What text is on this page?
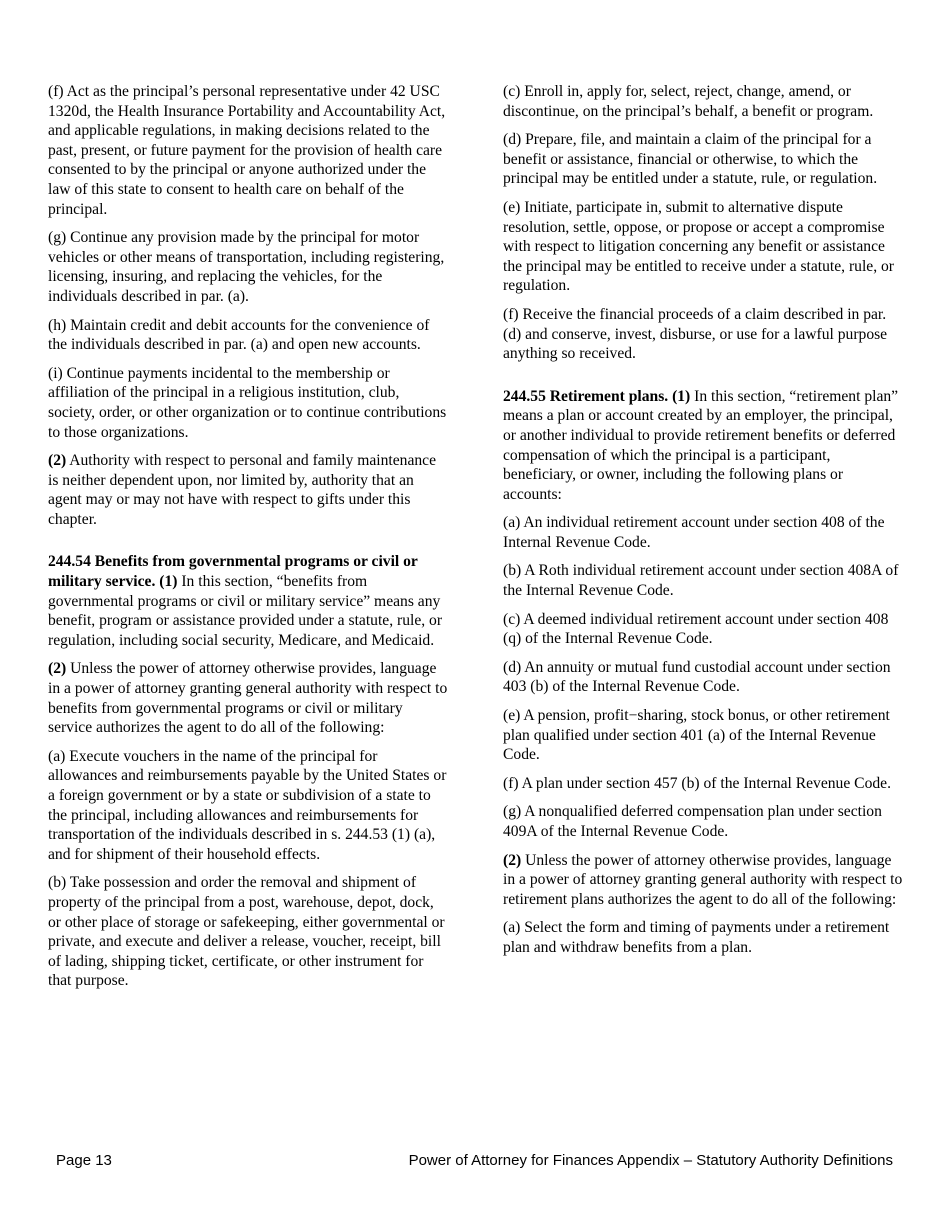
(f) Act as the principal’s personal representative under 42 USC 1320d, the Health Insurance Portability and Accountability Act, and applicable regulations, in making decisions related to the past, present, or future payment for the provision of health care consented to by the principal or anyone authorized under the law of this state to consent to health care on behalf of the principal.

(g) Continue any provision made by the principal for motor vehicles or other means of transportation, including registering, licensing, insuring, and replacing the vehicles, for the individuals described in par. (a).

(h) Maintain credit and debit accounts for the convenience of the individuals described in par. (a) and open new accounts.

(i) Continue payments incidental to the membership or affiliation of the principal in a religious institution, club, society, order, or other organization or to continue contributions to those organizations.

(2) Authority with respect to personal and family maintenance is neither dependent upon, nor limited by, authority that an agent may or may not have with respect to gifts under this chapter.

244.54 Benefits from governmental programs or civil or military service. (1) In this section, “benefits from governmental programs or civil or military service” means any benefit, program or assistance provided under a statute, rule, or regulation, including social security, Medicare, and Medicaid.

(2) Unless the power of attorney otherwise provides, language in a power of attorney granting general authority with respect to benefits from governmental programs or civil or military service authorizes the agent to do all of the following:

(a) Execute vouchers in the name of the principal for allowances and reimbursements payable by the United States or a foreign government or by a state or subdivision of a state to the principal, including allowances and reimbursements for transportation of the individuals described in s. 244.53 (1) (a), and for shipment of their household effects.

(b) Take possession and order the removal and shipment of property of the principal from a post, warehouse, depot, dock, or other place of storage or safekeeping, either governmental or private, and execute and deliver a release, voucher, receipt, bill of lading, shipping ticket, certificate, or other instrument for that purpose.

(c) Enroll in, apply for, select, reject, change, amend, or discontinue, on the principal’s behalf, a benefit or program.

(d) Prepare, file, and maintain a claim of the principal for a benefit or assistance, financial or otherwise, to which the principal may be entitled under a statute, rule, or regulation.

(e) Initiate, participate in, submit to alternative dispute resolution, settle, oppose, or propose or accept a compromise with respect to litigation concerning any benefit or assistance the principal may be entitled to receive under a statute, rule, or regulation.

(f) Receive the financial proceeds of a claim described in par. (d) and conserve, invest, disburse, or use for a lawful purpose anything so received.

244.55 Retirement plans. (1) In this section, “retirement plan” means a plan or account created by an employer, the principal, or another individual to provide retirement benefits or deferred compensation of which the principal is a participant, beneficiary, or owner, including the following plans or accounts:

(a) An individual retirement account under section 408 of the Internal Revenue Code.

(b) A Roth individual retirement account under section 408A of the Internal Revenue Code.

(c) A deemed individual retirement account under section 408 (q) of the Internal Revenue Code.

(d) An annuity or mutual fund custodial account under section 403 (b) of the Internal Revenue Code.

(e) A pension, profit−sharing, stock bonus, or other retirement plan qualified under section 401 (a) of the Internal Revenue Code.

(f) A plan under section 457 (b) of the Internal Revenue Code.

(g) A nonqualified deferred compensation plan under section 409A of the Internal Revenue Code.

(2) Unless the power of attorney otherwise provides, language in a power of attorney granting general authority with respect to retirement plans authorizes the agent to do all of the following:

(a) Select the form and timing of payments under a retirement plan and withdraw benefits from a plan.

Page 13	Power of Attorney for Finances Appendix – Statutory Authority Definitions
